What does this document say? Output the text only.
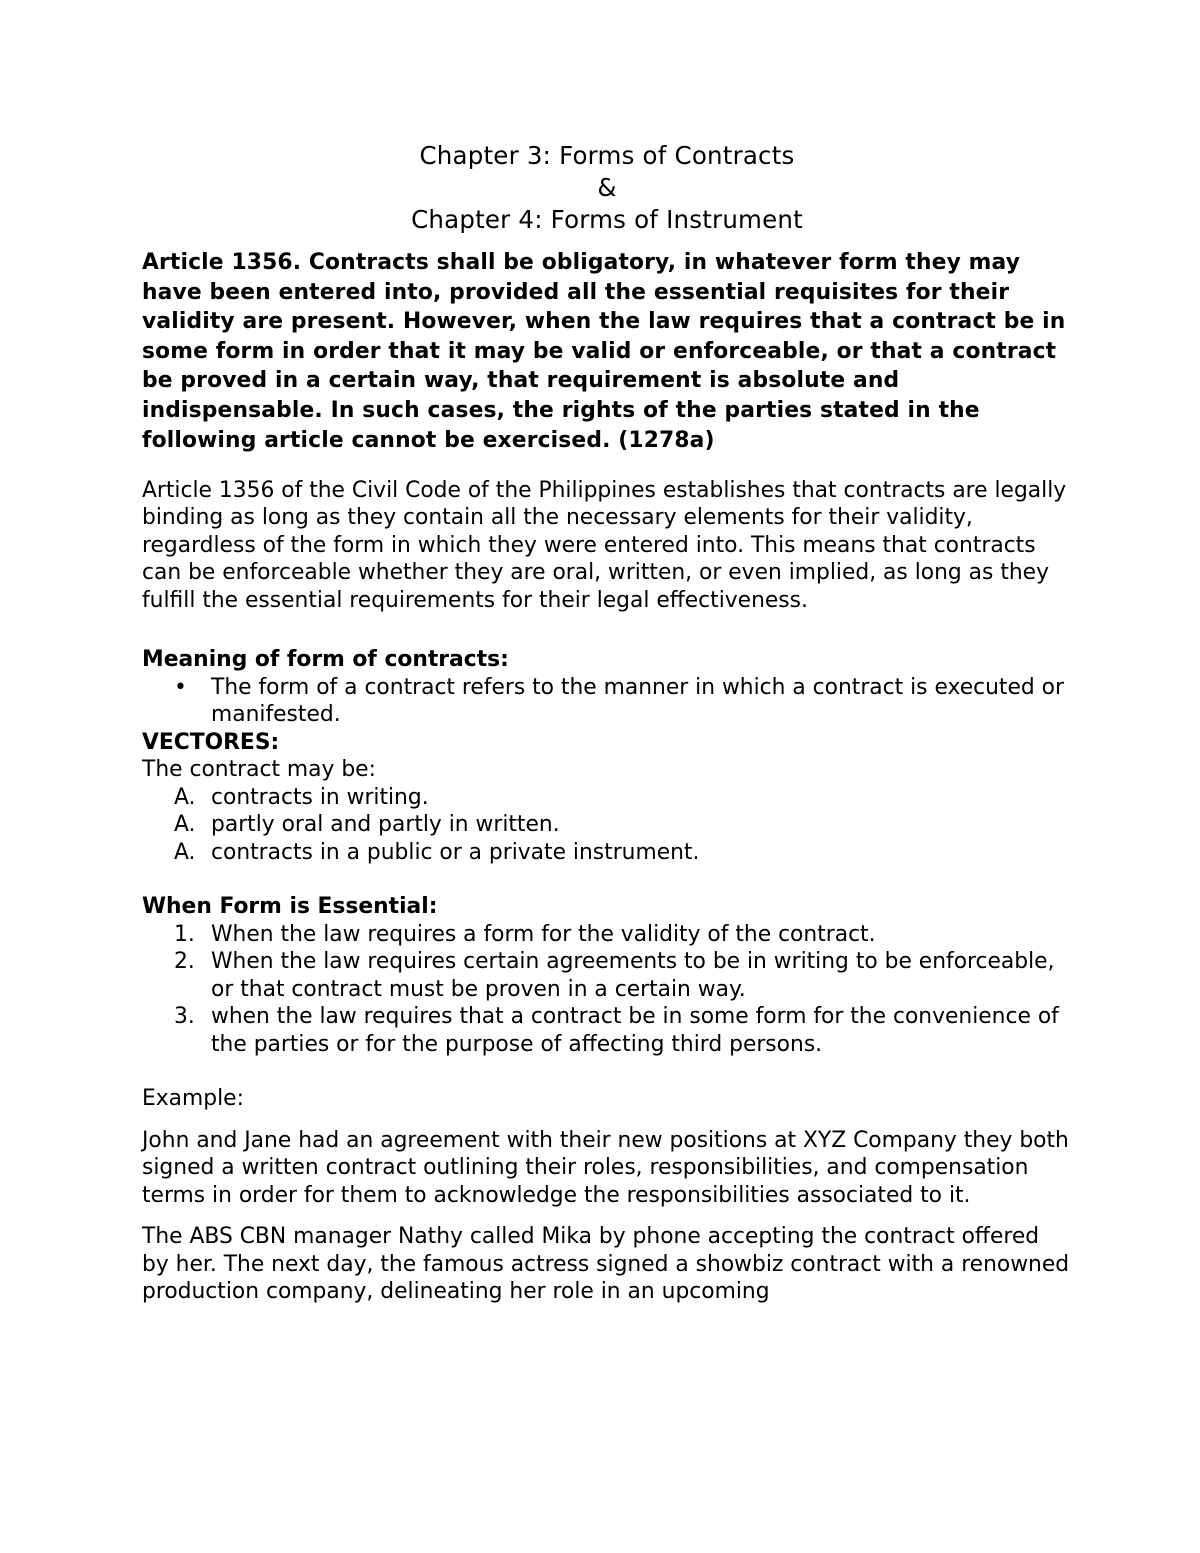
Chapter 3: Forms of Contracts
&
Chapter 4: Forms of Instrument

Article 1356. Contracts shall be obligatory, in whatever form they may have been entered into, provided all the essential requisites for their validity are present. However, when the law requires that a contract be in some form in order that it may be valid or enforceable, or that a contract be proved in a certain way, that requirement is absolute and indispensable. In such cases, the rights of the parties stated in the following article cannot be exercised. (1278a)

Article 1356 of the Civil Code of the Philippines establishes that contracts are legally binding as long as they contain all the necessary elements for their validity, regardless of the form in which they were entered into. This means that contracts can be enforceable whether they are oral, written, or even implied, as long as they fulfill the essential requirements for their legal effectiveness.

Meaning of form of contracts:
• The form of a contract refers to the manner in which a contract is executed or manifested.
VECTORES:
The contract may be:
A. contracts in writing.
A. partly oral and partly in written.
A. contracts in a public or a private instrument.
When Form is Essential:
1. When the law requires a form for the validity of the contract.
2. When the law requires certain agreements to be in writing to be enforceable, or that contract must be proven in a certain way.
3. when the law requires that a contract be in some form for the convenience of the parties or for the purpose of affecting third persons.
Example:

John and Jane had an agreement with their new positions at XYZ Company they both signed a written contract outlining their roles, responsibilities, and compensation terms in order for them to acknowledge the responsibilities associated to it.

The ABS CBN manager Nathy called Mika by phone accepting the contract offered by her. The next day, the famous actress signed a showbiz contract with a renowned production company, delineating her role in an upcoming
